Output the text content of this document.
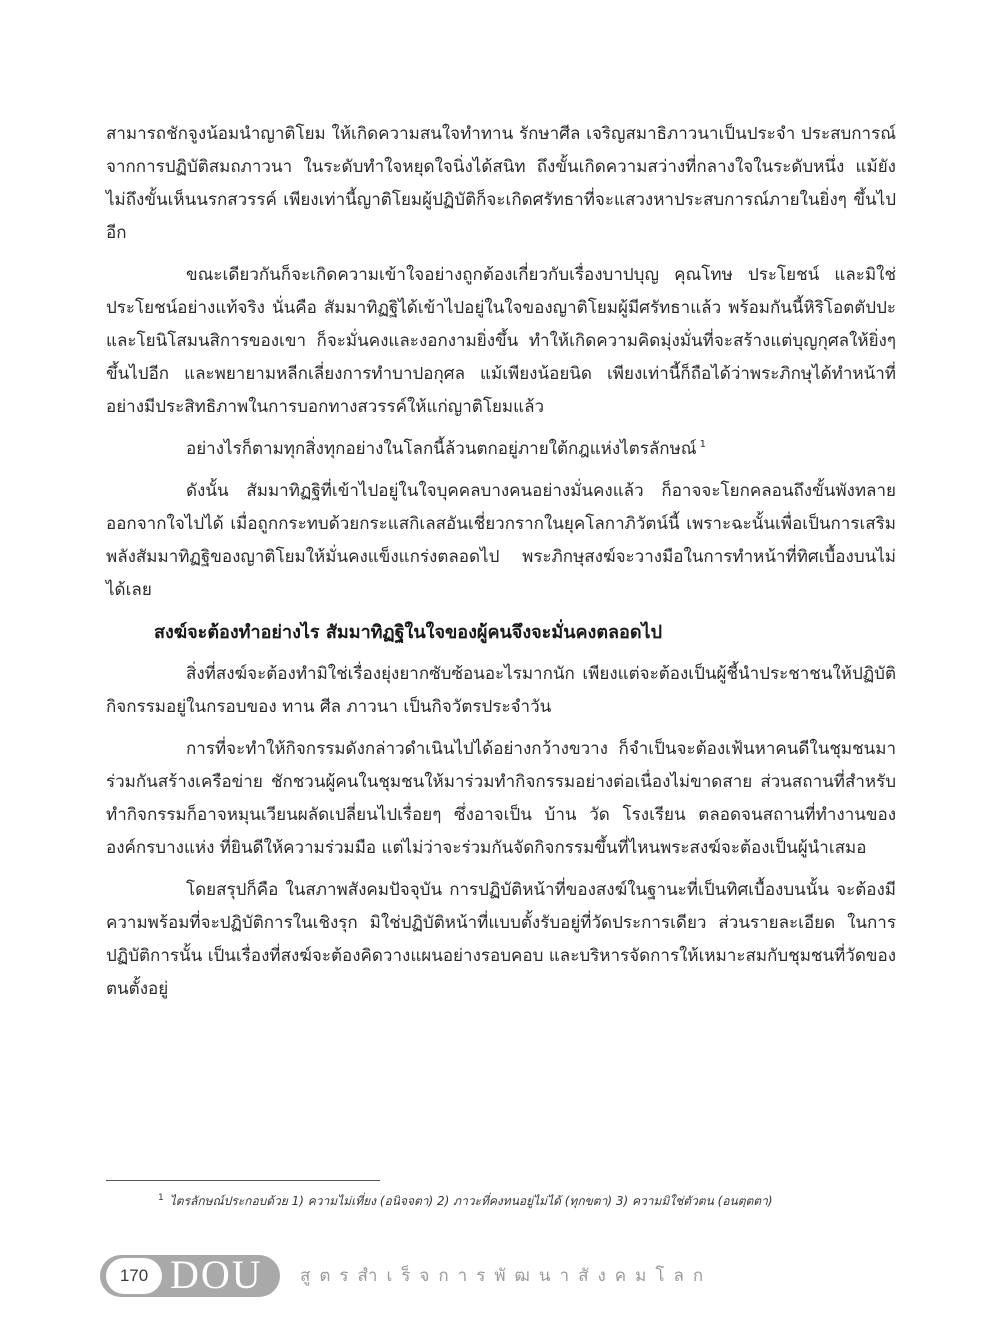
สามารถชักจูงน้อมนำญาติโยม ให้เกิดความสนใจทำทาน รักษาศีล เจริญสมาธิภาวนาเป็นประจำ ประสบการณ์จากการปฏิบัติสมถภาวนา ในระดับทำใจหยุดใจนิ่งได้สนิท ถึงขั้นเกิดความสว่างที่กลางใจในระดับหนึ่ง แม้ยังไม่ถึงขั้นเห็นนรกสวรรค์ เพียงเท่านี้ญาติโยมผู้ปฏิบัติก็จะเกิดศรัทธาที่จะแสวงหาประสบการณ์ภายในยิ่งๆ ขึ้นไปอีก

ขณะเดียวกันก็จะเกิดความเข้าใจอย่างถูกต้องเกี่ยวกับเรื่องบาปบุญ คุณโทษ ประโยชน์ และมิใช่ประโยชน์อย่างแท้จริง นั่นคือ สัมมาทิฏฐิได้เข้าไปอยู่ในใจของญาติโยมผู้มีศรัทธาแล้ว พร้อมกันนี้หิริโอตตัปปะ และโยนิโสมนสิการของเขา ก็จะมั่นคงและงอกงามยิ่งขึ้น ทำให้เกิดความคิดมุ่งมั่นที่จะสร้างแต่บุญกุศลให้ยิ่งๆ ขึ้นไปอีก และพยายามหลีกเลี่ยงการทำบาปอกุศล แม้เพียงน้อยนิด เพียงเท่านี้ก็ถือได้ว่าพระภิกษุได้ทำหน้าที่ อย่างมีประสิทธิภาพในการบอกทางสวรรค์ให้แก่ญาติโยมแล้ว

อย่างไรก็ตามทุกสิ่งทุกอย่างในโลกนี้ล้วนตกอยู่ภายใต้กฎแห่งไตรลักษณ์ $^1$

ดังนั้น สัมมาทิฏฐิที่เข้าไปอยู่ในใจบุคคลบางคนอย่างมั่นคงแล้ว ก็อาจจะโยกคลอนถึงขั้นพังทลายออกจากใจไปได้ เมื่อถูกกระทบด้วยกระแสกิเลสอันเชี่ยวกรากในยุคโลกาภิวัตน์นี้ เพราะฉะนั้นเพื่อเป็นการเสริมพลังสัมมาทิฏฐิของญาติโยมให้มั่นคงแข็งแกร่งตลอดไป พระภิกษุสงฆ์จะวางมือในการทำหน้าที่ทิศเบื้องบนไม่ได้เลย

สงฆ์จะต้องทำอย่างไร สัมมาทิฏฐิในใจของผู้คนจึงจะมั่นคงตลอดไป

สิ่งที่สงฆ์จะต้องทำมิใช่เรื่องยุ่งยากซับซ้อนอะไรมากนัก เพียงแต่จะต้องเป็นผู้ชี้นำประชาชนให้ปฏิบัติกิจกรรมอยู่ในกรอบของ ทาน ศีล ภาวนา เป็นกิจวัตรประจำวัน

การที่จะทำให้กิจกรรมดังกล่าวดำเนินไปได้อย่างกว้างขวาง ก็จำเป็นจะต้องเฟ้นหาคนดีในชุมชนมาร่วมกันสร้างเครือข่าย ชักชวนผู้คนในชุมชนให้มาร่วมทำกิจกรรมอย่างต่อเนื่องไม่ขาดสาย ส่วนสถานที่สำหรับทำกิจกรรมก็อาจหมุนเวียนผลัดเปลี่ยนไปเรื่อยๆ ซึ่งอาจเป็น บ้าน วัด โรงเรียน ตลอดจนสถานที่ทำงานขององค์กรบางแห่ง ที่ยินดีให้ความร่วมมือ แต่ไม่ว่าจะร่วมกันจัดกิจกรรมขึ้นที่ไหนพระสงฆ์จะต้องเป็นผู้นำเสมอ

โดยสรุปก็คือ ในสภาพสังคมปัจจุบัน การปฏิบัติหน้าที่ของสงฆ์ในฐานะที่เป็นทิศเบื้องบนนั้น จะต้องมีความพร้อมที่จะปฏิบัติการในเชิงรุก มิใช่ปฏิบัติหน้าที่แบบตั้งรับอยู่ที่วัดประการเดียว ส่วนรายละเอียด ในการปฏิบัติการนั้น เป็นเรื่องที่สงฆ์จะต้องคิดวางแผนอย่างรอบคอบ และบริหารจัดการให้เหมาะสมกับชุมชนที่วัดของตนตั้งอยู่

$^1$ ไตรลักษณ์ประกอบด้วย 1) ความไม่เที่ยง (อนิจจตา) 2) ภาวะที่คงทนอยู่ไม่ได้ (ทุกขตา) 3) ความมิใช่ตัวตน (อนตฺตตา)
170 DOU สูตรสำเร็จการพัฒนาสังคมโลก
